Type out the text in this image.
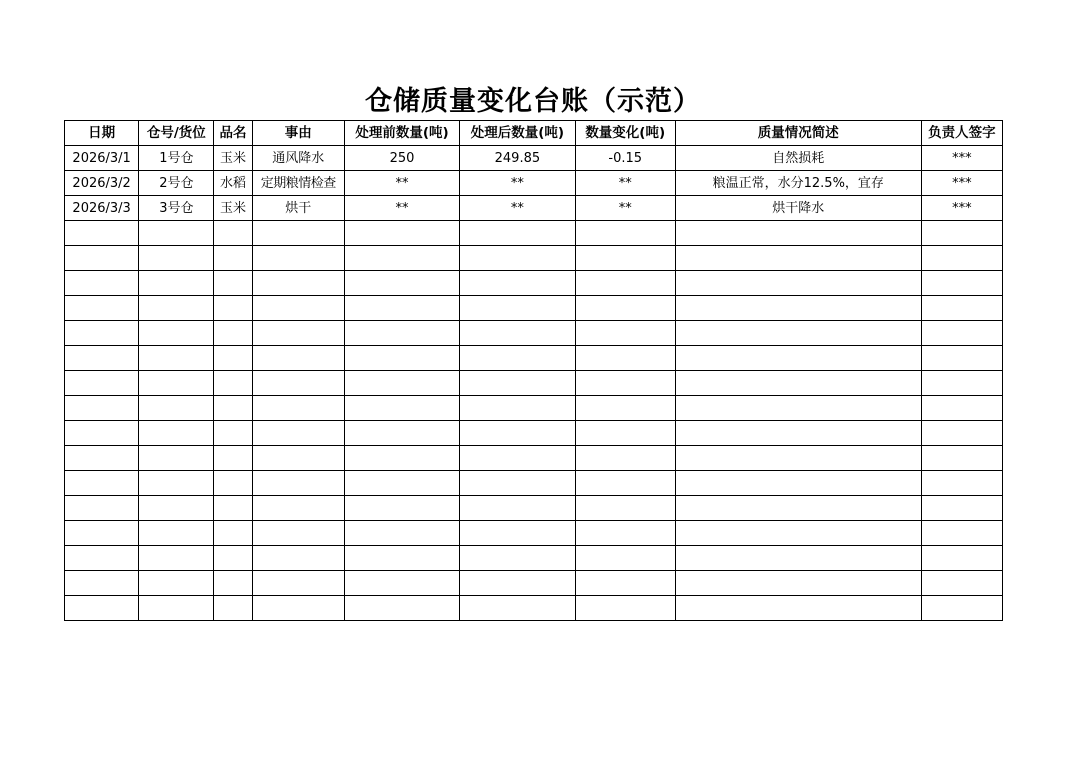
仓储质量变化台账（示范）
日期	仓号/货位	品名	事由	处理前数量(吨)	处理后数量(吨)	数量变化(吨)	质量情况简述	负责人签字
2026/3/1	1号仓	玉米	通风降水	250	249.85	-0.15	自然损耗	***
2026/3/2	2号仓	水稻	定期粮情检查	**	**	**	粮温正常，水分12.5%，宜存	***
2026/3/3	3号仓	玉米	烘干	**	**	**	烘干降水	***
